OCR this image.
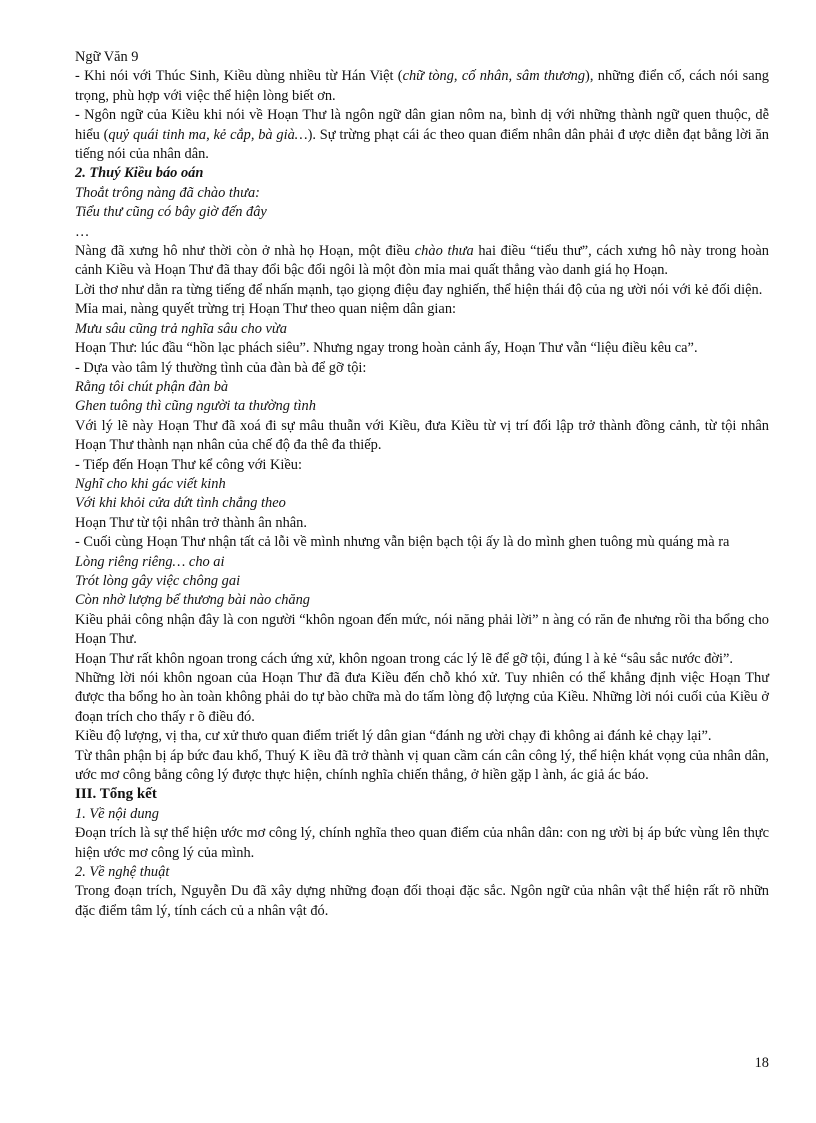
Ngữ Văn 9

- Khi nói với Thúc Sinh, Kiều dùng nhiều từ Hán Việt (chữ tòng, cố nhân, sâm thương), những điển cố, cách nói sang trọng, phù hợp với việc thể hiện lòng biết ơn.

- Ngôn ngữ của Kiều khi nói về Hoạn Thư là ngôn ngữ dân gian nôm na, bình dị với những thành ngữ quen thuộc, dễ hiểu (quỷ quái tinh ma, kẻ cắp, bà già…). Sự trừng phạt cái ác theo quan điểm nhân dân phải đ ược diễn đạt bằng lời ăn tiếng nói của nhân dân.

2. Thuý Kiều báo oán

Thoắt trông nàng đã chào thưa:

Tiểu thư cũng có bây giờ đến đây

…

Nàng đã xưng hô như thời còn ở nhà họ Hoạn, một điều chào thưa hai điều “tiểu thư”, cách xưng hô này trong hoàn cảnh Kiều và Hoạn Thư đã thay đổi bậc đổi ngôi là một đòn mỉa mai quất thẳng vào danh giá họ Hoạn.

Lời thơ như dằn ra từng tiếng để nhấn mạnh, tạo giọng điệu đay nghiến, thể hiện thái độ của ng ười nói với kẻ đối diện.

Mỉa mai, nàng quyết trừng trị Hoạn Thư theo quan niệm dân gian:

Mưu sâu cũng trả nghĩa sâu cho vừa

Hoạn Thư: lúc đầu “hồn lạc phách siêu”. Nhưng ngay trong hoàn cảnh ấy, Hoạn Thư vẫn “liệu điều kêu ca”.

- Dựa vào tâm lý thường tình của đàn bà để gỡ tội:

Rằng tôi chút phận đàn bà

Ghen tuông thì cũng người ta thường tình

Với lý lẽ này Hoạn Thư đã xoá đi sự mâu thuẫn với Kiều, đưa Kiều từ vị trí đối lập trở thành đồng cảnh, từ tội nhân Hoạn Thư thành nạn nhân của chế độ đa thê đa thiếp.

- Tiếp đến Hoạn Thư kể công với Kiều:

Nghĩ cho khi gác viết kinh

Với khi khỏi cửa dứt tình chẳng theo

Hoạn Thư từ tội nhân trở thành ân nhân.

- Cuối cùng Hoạn Thư nhận tất cả lỗi về mình nhưng vẫn biện bạch tội ấy là do mình ghen tuông mù quáng mà ra

Lòng riêng riêng… cho ai

Trót lòng gây việc chông gai

Còn nhờ lượng bể thương bài nào chăng

Kiều phải công nhận đây là con người “khôn ngoan đến mức, nói năng phải lời” n àng có răn đe nhưng rồi tha bổng cho Hoạn Thư.

Hoạn Thư rất khôn ngoan trong cách ứng xử, khôn ngoan trong các lý lẽ để gỡ tội, đúng l à kẻ “sâu sắc nước đời”.

Những lời nói khôn ngoan của Hoạn Thư đã đưa Kiều đến chỗ khó xử. Tuy nhiên có thể khẳng định việc Hoạn Thư được tha bổng ho àn toàn không phải do tự bào chữa mà do tấm lòng độ lượng của Kiều. Những lời nói cuối của Kiều ở đoạn trích cho thấy r õ điều đó.

Kiều độ lượng, vị tha, cư xử thưo quan điểm triết lý dân gian “đánh ng ười chạy đi không ai đánh kẻ chạy lại”.

Từ thân phận bị áp bức đau khổ, Thuý K iều đã trở thành vị quan cầm cán cân công lý, thể hiện khát vọng của nhân dân, ước mơ công bằng công lý được thực hiện, chính nghĩa chiến thắng, ở hiền gặp l ành, ác giả ác báo.

III. Tổng kết

1. Về nội dung

Đoạn trích là sự thể hiện ước mơ công lý, chính nghĩa theo quan điểm của nhân dân: con ng ười bị áp bức vùng lên thực hiện ước mơ công lý của mình.

2. Về nghệ thuật

Trong đoạn trích, Nguyễn Du đã xây dựng những đoạn đối thoại đặc sắc. Ngôn ngữ của nhân vật thể hiện rất rõ nhữn đặc điểm tâm lý, tính cách củ a nhân vật đó.

18
